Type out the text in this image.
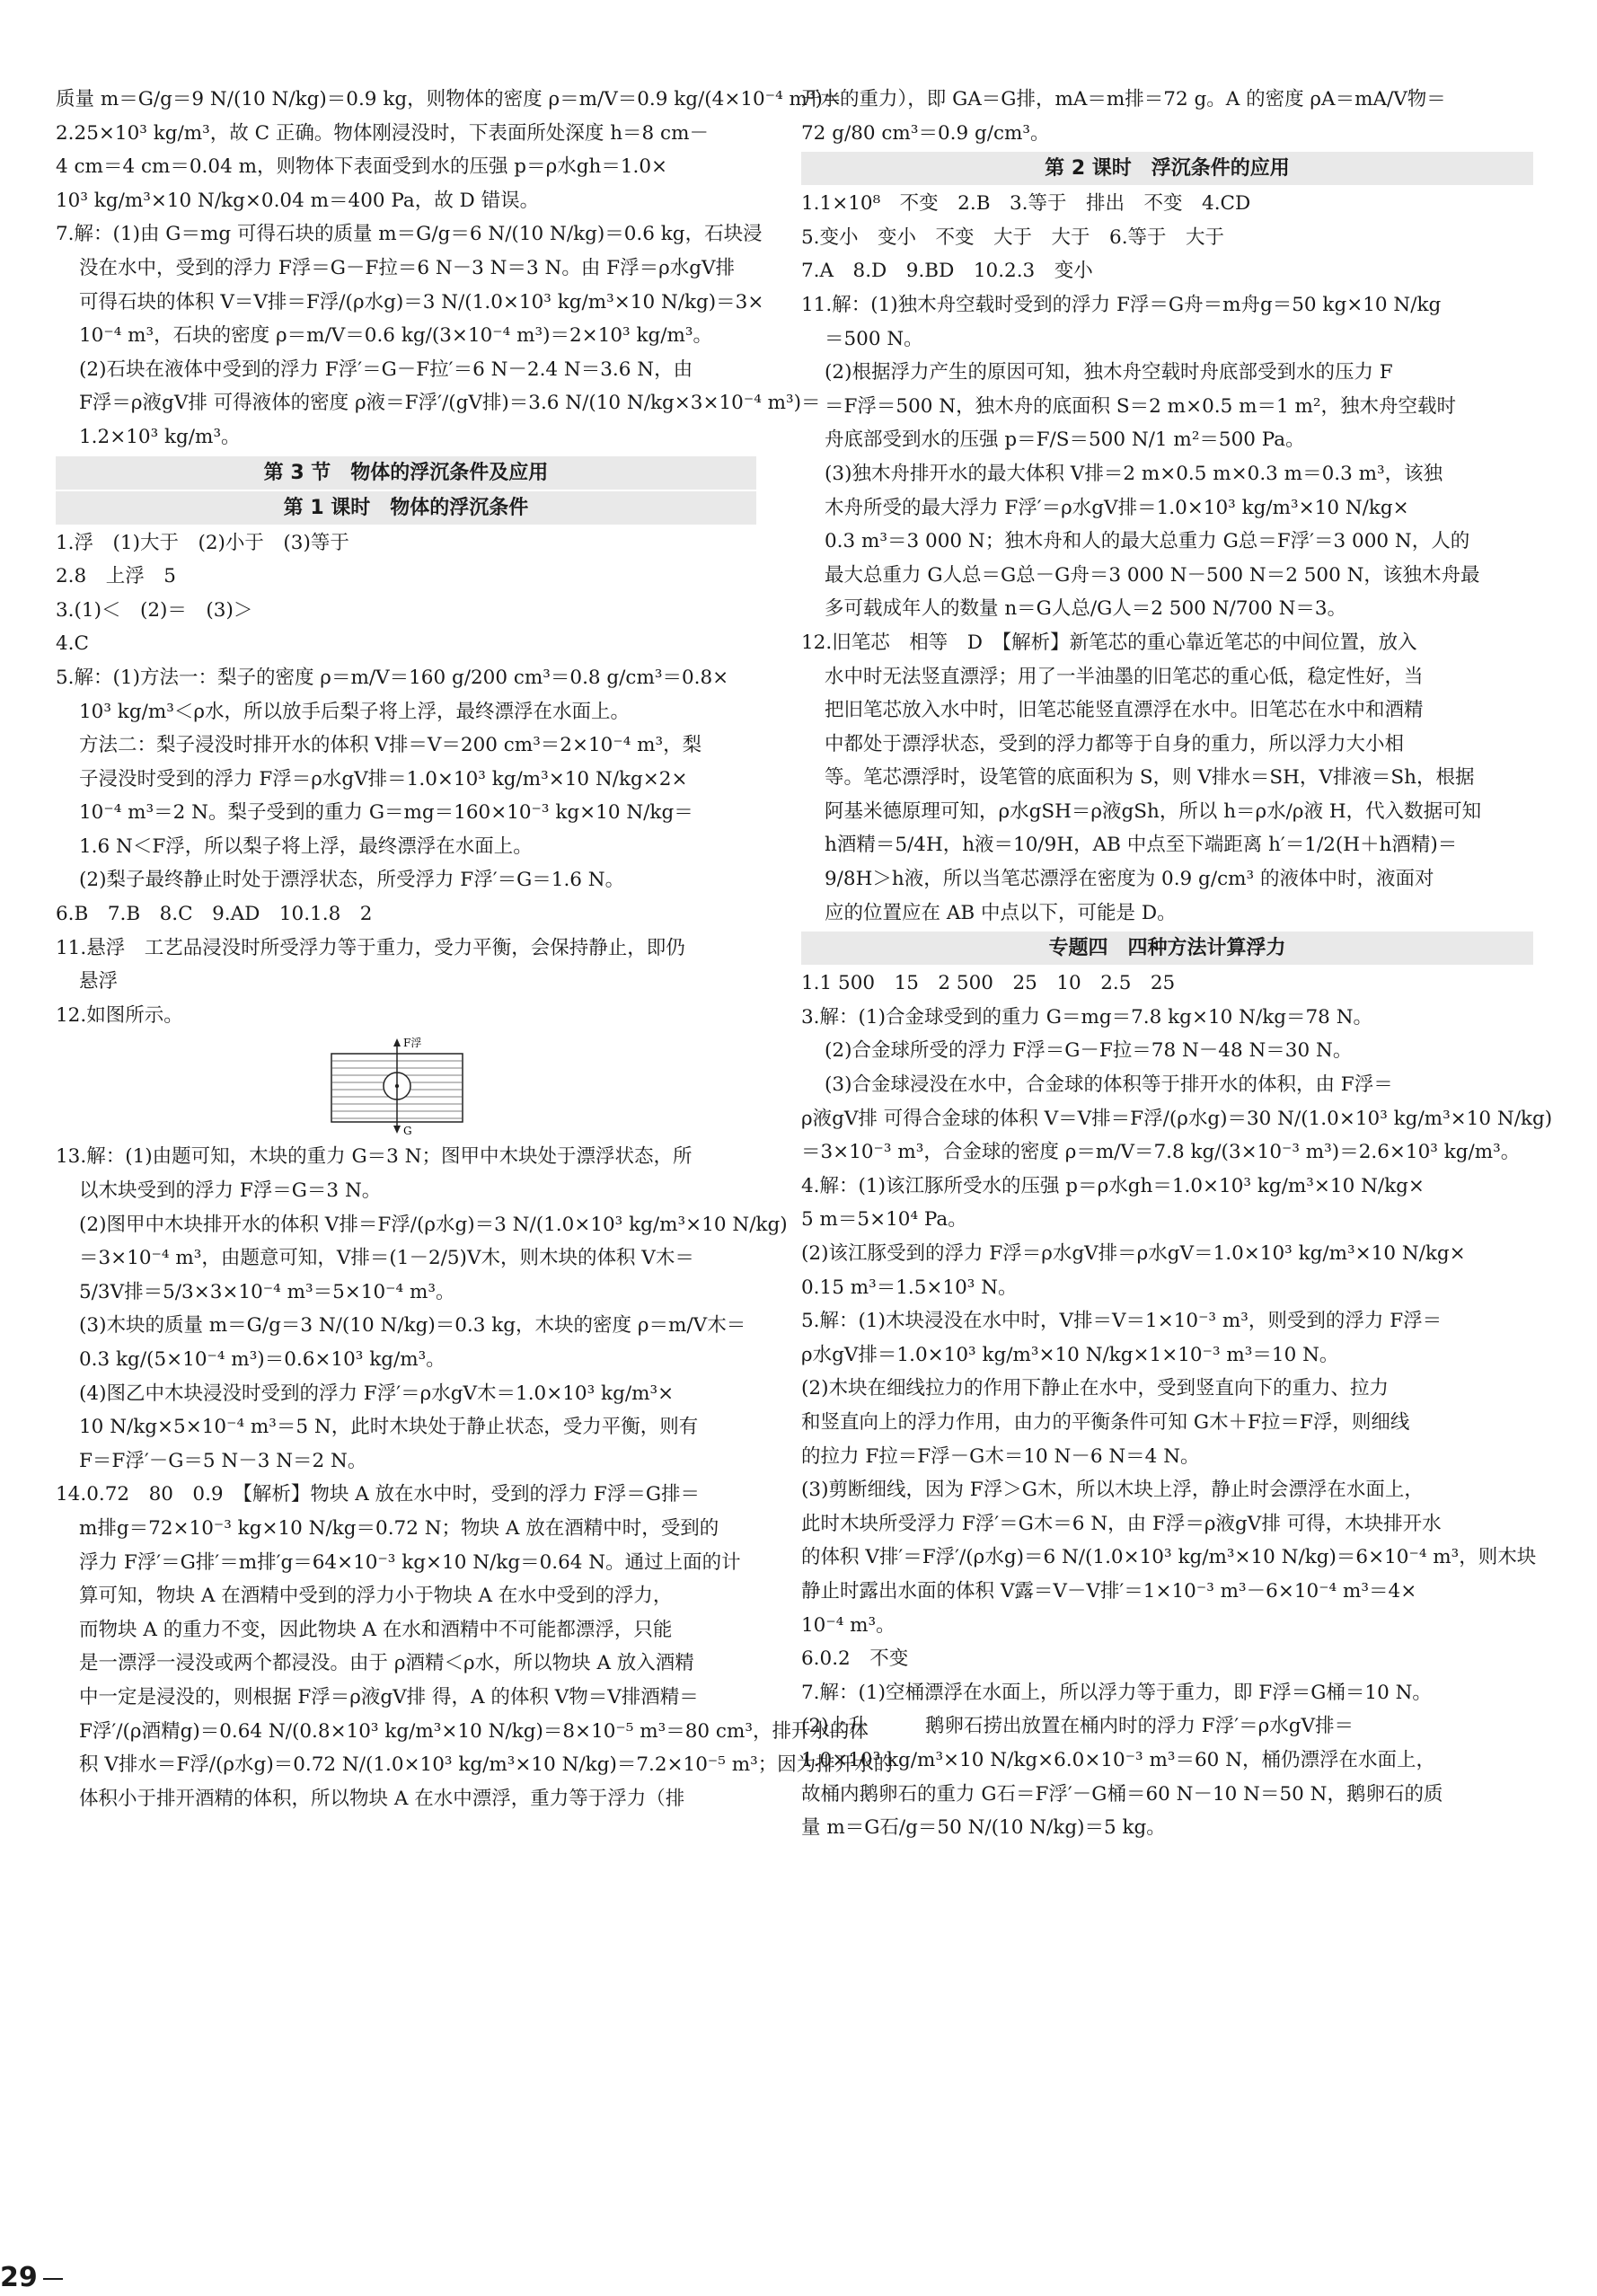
质量 m＝G/g＝9 N/(10 N/kg)＝0.9 kg，则物体的密度 ρ＝m/V＝0.9 kg/(4×10⁻⁴ m³)＝
2.25×10³ kg/m³，故 C 正确。物体刚浸没时，下表面所处深度 h＝8 cm－
4 cm＝4 cm＝0.04 m，则物体下表面受到水的压强 p＝ρ水gh＝1.0×
10³ kg/m³×10 N/kg×0.04 m＝400 Pa，故 D 错误。
7.解：(1)由 G＝mg 可得石块的质量 m＝G/g＝6 N/(10 N/kg)＝0.6 kg，石块浸
没在水中，受到的浮力 F浮＝G－F拉＝6 N－3 N＝3 N。由 F浮＝ρ水gV排
可得石块的体积 V＝V排＝F浮/(ρ水g)＝3 N/(1.0×10³ kg/m³×10 N/kg)＝3×
10⁻⁴ m³，石块的密度 ρ＝m/V＝0.6 kg/(3×10⁻⁴ m³)＝2×10³ kg/m³。
(2)石块在液体中受到的浮力 F浮′＝G－F拉′＝6 N－2.4 N＝3.6 N，由
F浮＝ρ液gV排 可得液体的密度 ρ液＝F浮′/(gV排)＝3.6 N/(10 N/kg×3×10⁻⁴ m³)＝
1.2×10³ kg/m³。
第 3 节　物体的浮沉条件及应用
第 1 课时　物体的浮沉条件
1.浮　(1)大于　(2)小于　(3)等于
2.8　上浮　5
3.(1)＜　(2)＝　(3)＞
4.C
5.解：(1)方法一：梨子的密度 ρ＝m/V＝160 g/200 cm³＝0.8 g/cm³＝0.8×
10³ kg/m³＜ρ水，所以放手后梨子将上浮，最终漂浮在水面上。
方法二：梨子浸没时排开水的体积 V排＝V＝200 cm³＝2×10⁻⁴ m³，梨
子浸没时受到的浮力 F浮＝ρ水gV排＝1.0×10³ kg/m³×10 N/kg×2×
10⁻⁴ m³＝2 N。梨子受到的重力 G＝mg＝160×10⁻³ kg×10 N/kg＝
1.6 N＜F浮，所以梨子将上浮，最终漂浮在水面上。
(2)梨子最终静止时处于漂浮状态，所受浮力 F浮′＝G＝1.6 N。
6.B　7.B　8.C　9.AD　10.1.8　2
11.悬浮　工艺品浸没时所受浮力等于重力，受力平衡，会保持静止，即仍
悬浮
12.如图所示。
F浮
G
13.解：(1)由题可知，木块的重力 G＝3 N；图甲中木块处于漂浮状态，所
以木块受到的浮力 F浮＝G＝3 N。
(2)图甲中木块排开水的体积 V排＝F浮/(ρ水g)＝3 N/(1.0×10³ kg/m³×10 N/kg)
＝3×10⁻⁴ m³，由题意可知，V排＝(1－2/5)V木，则木块的体积 V木＝
5/3V排＝5/3×3×10⁻⁴ m³＝5×10⁻⁴ m³。
(3)木块的质量 m＝G/g＝3 N/(10 N/kg)＝0.3 kg，木块的密度 ρ＝m/V木＝
0.3 kg/(5×10⁻⁴ m³)＝0.6×10³ kg/m³。
(4)图乙中木块浸没时受到的浮力 F浮′＝ρ水gV木＝1.0×10³ kg/m³×
10 N/kg×5×10⁻⁴ m³＝5 N，此时木块处于静止状态，受力平衡，则有
F＝F浮′－G＝5 N－3 N＝2 N。
14.0.72　80　0.9　【解析】物块 A 放在水中时，受到的浮力 F浮＝G排＝
m排g＝72×10⁻³ kg×10 N/kg＝0.72 N；物块 A 放在酒精中时，受到的
浮力 F浮′＝G排′＝m排′g＝64×10⁻³ kg×10 N/kg＝0.64 N。通过上面的计
算可知，物块 A 在酒精中受到的浮力小于物块 A 在水中受到的浮力，
而物块 A 的重力不变，因此物块 A 在水和酒精中不可能都漂浮，只能
是一漂浮一浸没或两个都浸没。由于 ρ酒精＜ρ水，所以物块 A 放入酒精
中一定是浸没的，则根据 F浮＝ρ液gV排 得，A 的体积 V物＝V排酒精＝
F浮′/(ρ酒精g)＝0.64 N/(0.8×10³ kg/m³×10 N/kg)＝8×10⁻⁵ m³＝80 cm³，排开水的体
积 V排水＝F浮/(ρ水g)＝0.72 N/(1.0×10³ kg/m³×10 N/kg)＝7.2×10⁻⁵ m³；因为排开水的
体积小于排开酒精的体积，所以物块 A 在水中漂浮，重力等于浮力（排
开水的重力），即 GA＝G排，mA＝m排＝72 g。A 的密度 ρA＝mA/V物＝
72 g/80 cm³＝0.9 g/cm³。
第 2 课时　浮沉条件的应用
1.1×10⁸　不变　2.B　3.等于　排出　不变　4.CD
5.变小　变小　不变　大于　大于　6.等于　大于
7.A　8.D　9.BD　10.2.3　变小
11.解：(1)独木舟空载时受到的浮力 F浮＝G舟＝m舟g＝50 kg×10 N/kg
＝500 N。
(2)根据浮力产生的原因可知，独木舟空载时舟底部受到水的压力 F
＝F浮＝500 N，独木舟的底面积 S＝2 m×0.5 m＝1 m²，独木舟空载时
舟底部受到水的压强 p＝F/S＝500 N/1 m²＝500 Pa。
(3)独木舟排开水的最大体积 V排＝2 m×0.5 m×0.3 m＝0.3 m³，该独
木舟所受的最大浮力 F浮′＝ρ水gV排＝1.0×10³ kg/m³×10 N/kg×
0.3 m³＝3 000 N；独木舟和人的最大总重力 G总＝F浮′＝3 000 N，人的
最大总重力 G人总＝G总－G舟＝3 000 N－500 N＝2 500 N，该独木舟最
多可载成年人的数量 n＝G人总/G人＝2 500 N/700 N＝3。
12.旧笔芯　相等　D　【解析】新笔芯的重心靠近笔芯的中间位置，放入
水中时无法竖直漂浮；用了一半油墨的旧笔芯的重心低，稳定性好，当
把旧笔芯放入水中时，旧笔芯能竖直漂浮在水中。旧笔芯在水中和酒精
中都处于漂浮状态，受到的浮力都等于自身的重力，所以浮力大小相
等。笔芯漂浮时，设笔管的底面积为 S，则 V排水＝SH，V排液＝Sh，根据
阿基米德原理可知，ρ水gSH＝ρ液gSh，所以 h＝ρ水/ρ液 H，代入数据可知
h酒精＝5/4H，h液＝10/9H，AB 中点至下端距离 h′＝1/2(H＋h酒精)＝
9/8H＞h液，所以当笔芯漂浮在密度为 0.9 g/cm³ 的液体中时，液面对
应的位置应在 AB 中点以下，可能是 D。
专题四　四种方法计算浮力
1.1 500　15　2 500　25　10　2.5　25
3.解：(1)合金球受到的重力 G＝mg＝7.8 kg×10 N/kg＝78 N。
(2)合金球所受的浮力 F浮＝G－F拉＝78 N－48 N＝30 N。
(3)合金球浸没在水中，合金球的体积等于排开水的体积，由 F浮＝
ρ液gV排 可得合金球的体积 V＝V排＝F浮/(ρ水g)＝30 N/(1.0×10³ kg/m³×10 N/kg)
＝3×10⁻³ m³，合金球的密度 ρ＝m/V＝7.8 kg/(3×10⁻³ m³)＝2.6×10³ kg/m³。
4.解：(1)该江豚所受水的压强 p＝ρ水gh＝1.0×10³ kg/m³×10 N/kg×
5 m＝5×10⁴ Pa。
(2)该江豚受到的浮力 F浮＝ρ水gV排＝ρ水gV＝1.0×10³ kg/m³×10 N/kg×
0.15 m³＝1.5×10³ N。
5.解：(1)木块浸没在水中时，V排＝V＝1×10⁻³ m³，则受到的浮力 F浮＝
ρ水gV排＝1.0×10³ kg/m³×10 N/kg×1×10⁻³ m³＝10 N。
(2)木块在细线拉力的作用下静止在水中，受到竖直向下的重力、拉力
和竖直向上的浮力作用，由力的平衡条件可知 G木＋F拉＝F浮，则细线
的拉力 F拉＝F浮－G木＝10 N－6 N＝4 N。
(3)剪断细线，因为 F浮＞G木，所以木块上浮，静止时会漂浮在水面上，
此时木块所受浮力 F浮′＝G木＝6 N，由 F浮＝ρ液gV排 可得，木块排开水
的体积 V排′＝F浮′/(ρ水g)＝6 N/(1.0×10³ kg/m³×10 N/kg)＝6×10⁻⁴ m³，则木块
静止时露出水面的体积 V露＝V－V排′＝1×10⁻³ m³－6×10⁻⁴ m³＝4×
10⁻⁴ m³。
6.0.2　不变
7.解：(1)空桶漂浮在水面上，所以浮力等于重力，即 F浮＝G桶＝10 N。
(2)上升　　　鹅卵石捞出放置在桶内时的浮力 F浮′＝ρ水gV排＝
1.0×10³ kg/m³×10 N/kg×6.0×10⁻³ m³＝60 N，桶仍漂浮在水面上，
故桶内鹅卵石的重力 G石＝F浮′－G桶＝60 N－10 N＝50 N，鹅卵石的质
量 m＝G石/g＝50 N/(10 N/kg)＝5 kg。
29
